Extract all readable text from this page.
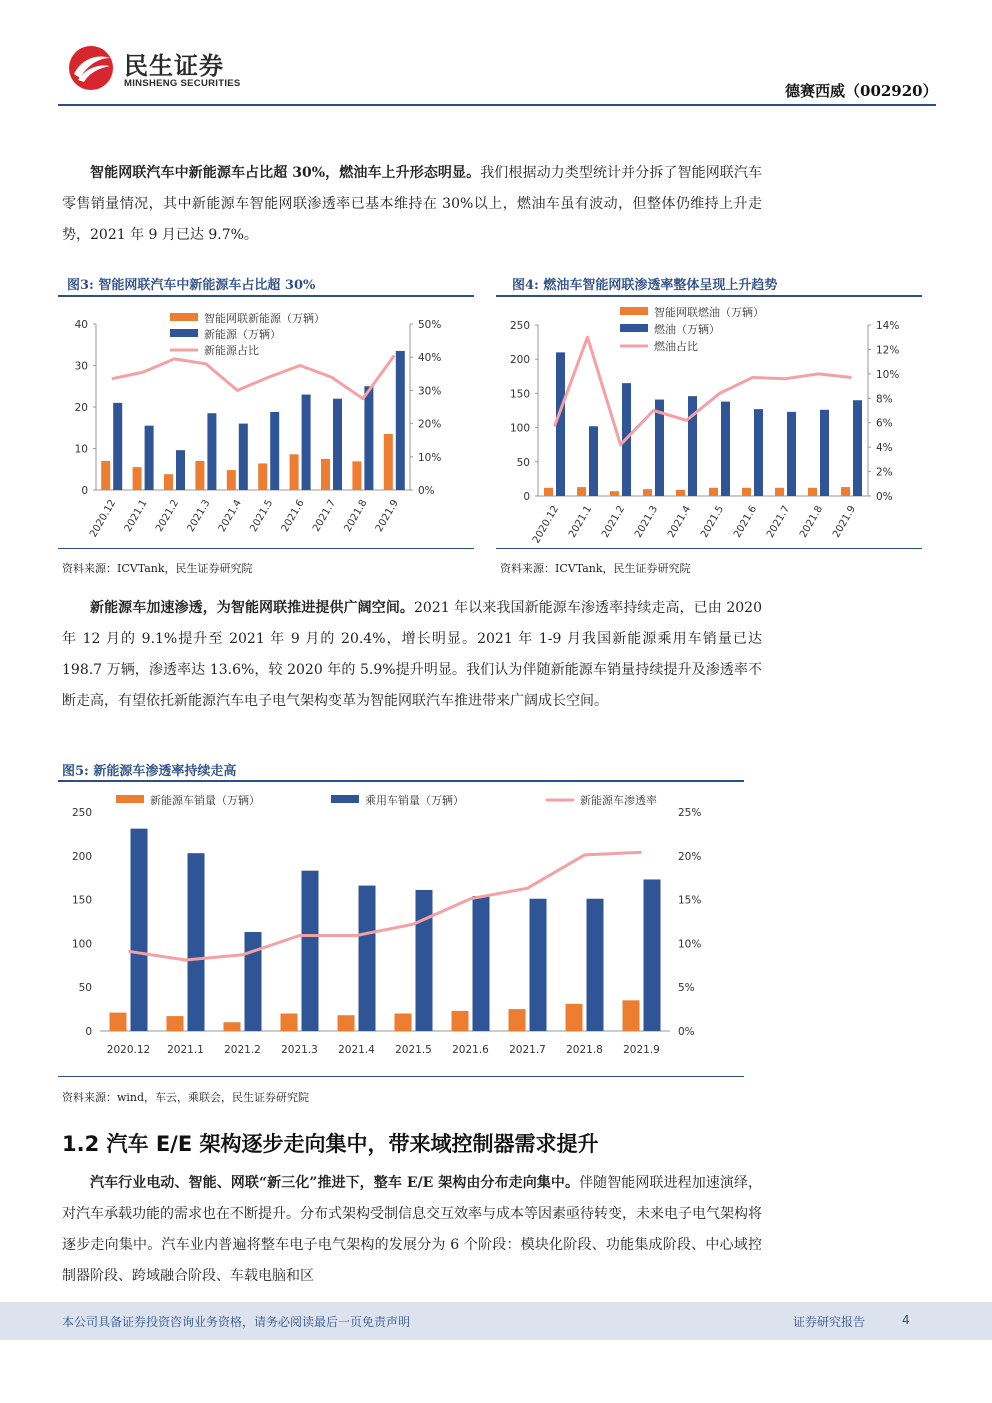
民生证券
MINSHENG SECURITIES	德赛西威（002920）
智能网联汽车中新能源车占比超 30%，燃油车上升形态明显。我们根据动力类型统计并分拆了智能网联汽车零售销量情况，其中新能源车智能网联渗透率已基本维持在 30%以上，燃油车虽有波动，但整体仍维持上升走势，2021 年 9 月已达 9.7%。
图3: 智能网联汽车中新能源车占比超 30%
0
10
20
30
40
0%
10%
20%
30%
40%
50%
2020.12 2021.1 2021.2 2021.3 2021.4 2021.5 2021.6 2021.7 2021.8 2021.9
智能网联新能源（万辆）
新能源（万辆）
新能源占比
资料来源：ICVTank，民生证券研究院
图4: 燃油车智能网联渗透率整体呈现上升趋势
0
50
100
150
200
250
0%
2%
4%
6%
8%
10%
12%
14%
2020.12 2021.1 2021.2 2021.3 2021.4 2021.5 2021.6 2021.7 2021.8 2021.9
智能网联燃油（万辆）
燃油（万辆）
燃油占比
资料来源：ICVTank，民生证券研究院
新能源车加速渗透，为智能网联推进提供广阔空间。2021 年以来我国新能源车渗透率持续走高，已由 2020 年 12 月的 9.1%提升至 2021 年 9 月的 20.4%，增长明显。2021 年 1-9 月我国新能源乘用车销量已达 198.7 万辆，渗透率达 13.6%，较 2020 年的 5.9%提升明显。我们认为伴随新能源车销量持续提升及渗透率不断走高，有望依托新能源汽车电子电气架构变革为智能网联汽车推进带来广阔成长空间。
图5: 新能源车渗透率持续走高
0
50
100
150
200
250
0%
5%
10%
15%
20%
25%
2020.12 2021.1 2021.2 2021.3 2021.4 2021.5 2021.6 2021.7 2021.8 2021.9
新能源车销量（万辆）	乘用车销量（万辆）	新能源车渗透率
资料来源：wind，车云，乘联会，民生证券研究院
1.2 汽车 E/E 架构逐步走向集中，带来域控制器需求提升
汽车行业电动、智能、网联“新三化”推进下，整车 E/E 架构由分布走向集中。伴随智能网联进程加速演绎，对汽车承载功能的需求也在不断提升。分布式架构受制信息交互效率与成本等因素亟待转变，未来电子电气架构将逐步走向集中。汽车业内普遍将整车电子电气架构的发展分为 6 个阶段：模块化阶段、功能集成阶段、中心域控制器阶段、跨域融合阶段、车载电脑和区
本公司具备证券投资咨询业务资格，请务必阅读最后一页免责声明	证券研究报告	4
